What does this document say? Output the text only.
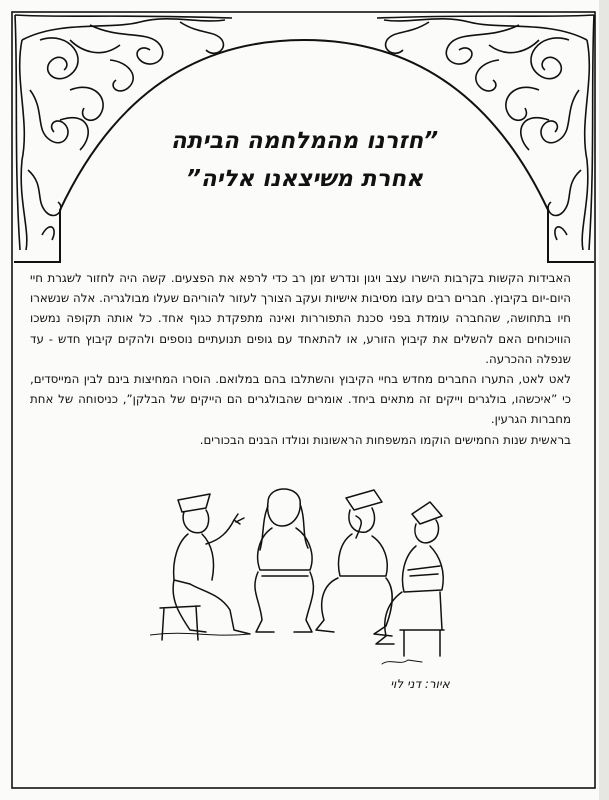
”חזרנו מהמלחמה הביתה
אחרת משיצאנו אליה”

האבידות הקשות בקרבות הישרו עצב ויגון ונדרש זמן רב כדי לרפא את הפצעים. קשה היה לחזור לשגרת חיי היום-יום בקיבוץ. חברים רבים עזבו מסיבות אישיות ועקב הצורך לעזור להוריהם שעלו מבולגריה. אלה שנשארו חיו בתחושה, שהחברה עומדת בפני סכנת התפוררות ואינה מתפקדת כגוף אחד. כל אותה תקופה נמשכו הוויכוחים האם להשלים את קיבוץ הזורע, או להתאחד עם גופים תנועתיים נוספים ולהקים קיבוץ חדש - עד שנפלה ההכרעה.

לאט לאט, התערו החברים מחדש בחיי הקיבוץ והשתלבו בהם במלואם. הוסרו המחיצות בינם לבין המייסדים, כי ”איכשהו, בולגרים וייקים זה מתאים ביחד. אומרים שהבולגרים הם הייקים של הבלקן”, כניסוחה של אחת מחברות הגרעין.

בראשית שנות החמישים הוקמו המשפחות הראשונות ונולדו הבנים הבכורים.

איור: דני לוי
